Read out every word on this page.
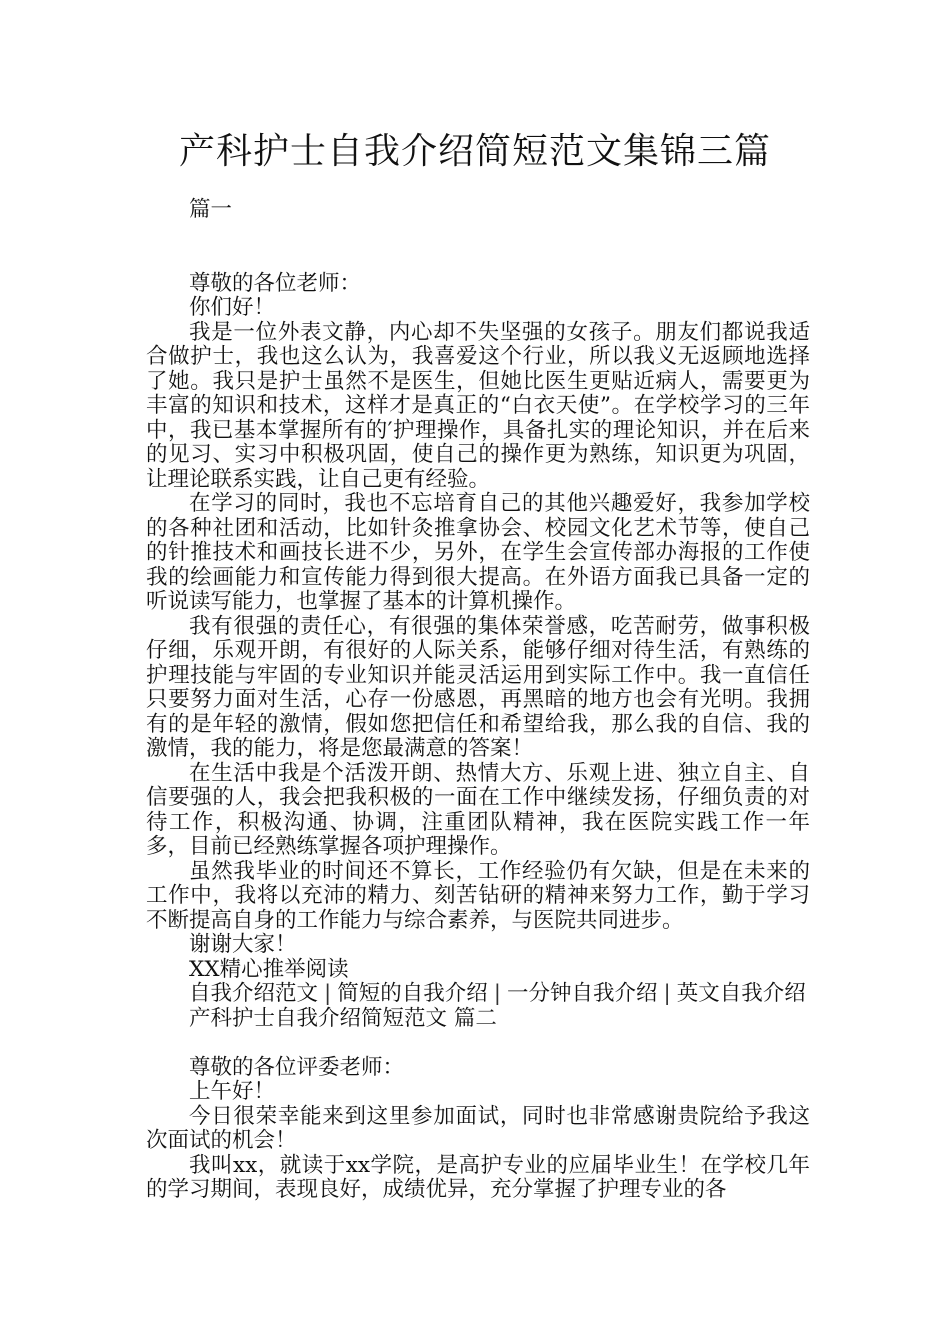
产科护士自我介绍简短范文集锦三篇

篇一

尊敬的各位老师：

你们好！

我是一位外表文静，内心却不失坚强的女孩子。朋友们都说我适合做护士，我也这么认为，我喜爱这个行业，所以我义无返顾地选择了她。我只是护士虽然不是医生，但她比医生更贴近病人，需要更为丰富的知识和技术，这样才是真正的“白衣天使”。在学校学习的三年中，我已基本掌握所有的′护理操作，具备扎实的理论知识，并在后来的见习、实习中积极巩固，使自己的操作更为熟练，知识更为巩固，让理论联系实践，让自己更有经验。

在学习的同时，我也不忘培育自己的其他兴趣爱好，我参加学校的各种社团和活动，比如针灸推拿协会、校园文化艺术节等，使自己的针推技术和画技长进不少，另外，在学生会宣传部办海报的工作使我的绘画能力和宣传能力得到很大提高。在外语方面我已具备一定的听说读写能力，也掌握了基本的计算机操作。

我有很强的责任心，有很强的集体荣誉感，吃苦耐劳，做事积极仔细，乐观开朗，有很好的人际关系，能够仔细对待生活，有熟练的护理技能与牢固的专业知识并能灵活运用到实际工作中。我一直信任只要努力面对生活，心存一份感恩，再黑暗的地方也会有光明。我拥有的是年轻的激情，假如您把信任和希望给我，那么我的自信、我的激情，我的能力，将是您最满意的答案！

在生活中我是个活泼开朗、热情大方、乐观上进、独立自主、自信要强的人，我会把我积极的一面在工作中继续发扬，仔细负责的对待工作，积极沟通、协调，注重团队精神，我在医院实践工作一年多，目前已经熟练掌握各项护理操作。

虽然我毕业的时间还不算长，工作经验仍有欠缺，但是在未来的工作中，我将以充沛的精力、刻苦钻研的精神来努力工作，勤于学习不断提高自身的工作能力与综合素养，与医院共同进步。

谢谢大家！

XX精心推举阅读

自我介绍范文 | 简短的自我介绍 | 一分钟自我介绍 | 英文自我介绍

产科护士自我介绍简短范文 篇二

尊敬的各位评委老师：

上午好！

今日很荣幸能来到这里参加面试，同时也非常感谢贵院给予我这次面试的机会！

我叫xx，就读于xx学院，是高护专业的应届毕业生！在学校几年的学习期间，表现良好，成绩优异，充分掌握了护理专业的各
